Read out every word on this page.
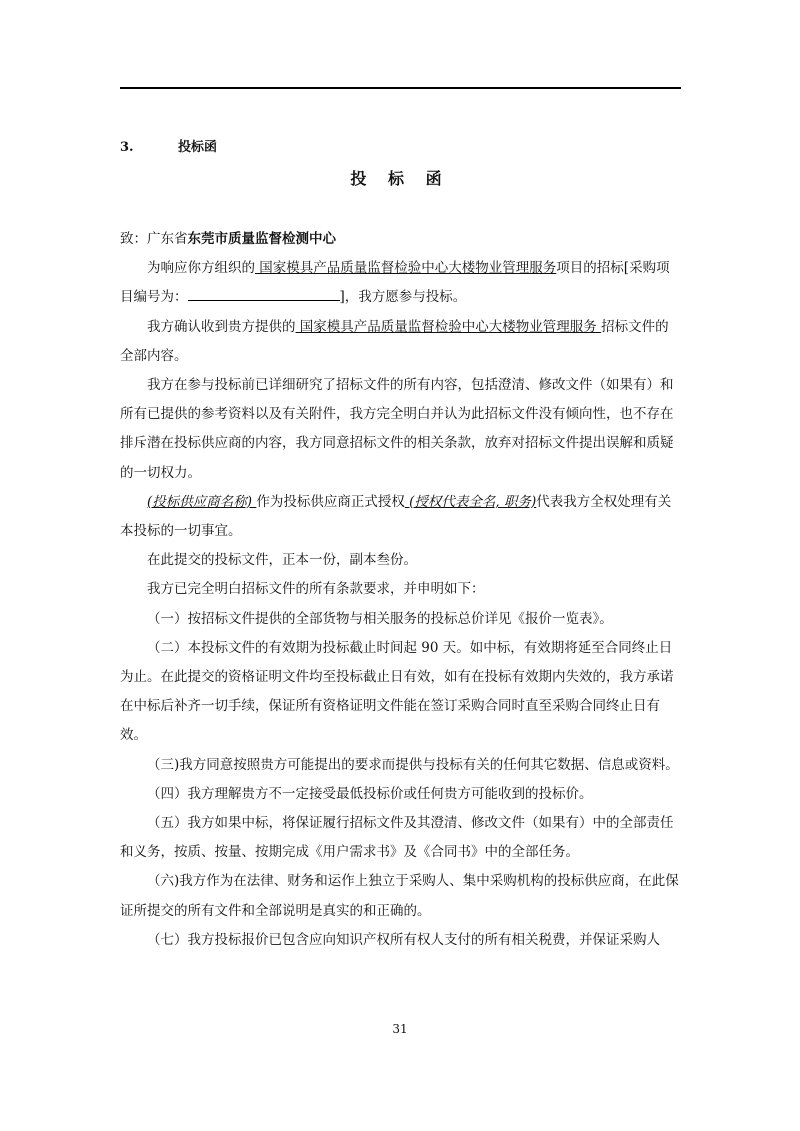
3.	投标函
投 标 函

致：广东省东莞市质量监督检测中心

为响应你方组织的 国家模具产品质量监督检验中心大楼物业管理服务项目的招标[采购项目编号为：	]，我方愿参与投标。

我方确认收到贵方提供的 国家模具产品质量监督检验中心大楼物业管理服务 招标文件的全部内容。

我方在参与投标前已详细研究了招标文件的所有内容，包括澄清、修改文件（如果有）和所有已提供的参考资料以及有关附件，我方完全明白并认为此招标文件没有倾向性，也不存在排斥潜在投标供应商的内容，我方同意招标文件的相关条款，放弃对招标文件提出误解和质疑的一切权力。

(投标供应商名称) 作为投标供应商正式授权 (授权代表全名, 职务)代表我方全权处理有关本投标的一切事宜。

在此提交的投标文件，正本一份，副本叁份。

我方已完全明白招标文件的所有条款要求，并申明如下：

（一）按招标文件提供的全部货物与相关服务的投标总价详见《报价一览表》。

（二）本投标文件的有效期为投标截止时间起 90 天。如中标，有效期将延至合同终止日为止。在此提交的资格证明文件均至投标截止日有效，如有在投标有效期内失效的，我方承诺在中标后补齐一切手续，保证所有资格证明文件能在签订采购合同时直至采购合同终止日有效。

（三)我方同意按照贵方可能提出的要求而提供与投标有关的任何其它数据、信息或资料。

（四）我方理解贵方不一定接受最低投标价或任何贵方可能收到的投标价。

（五）我方如果中标，将保证履行招标文件及其澄清、修改文件（如果有）中的全部责任和义务，按质、按量、按期完成《用户需求书》及《合同书》中的全部任务。

（六)我方作为在法律、财务和运作上独立于采购人、集中采购机构的投标供应商，在此保证所提交的所有文件和全部说明是真实的和正确的。

（七）我方投标报价已包含应向知识产权所有权人支付的所有相关税费，并保证采购人

31
